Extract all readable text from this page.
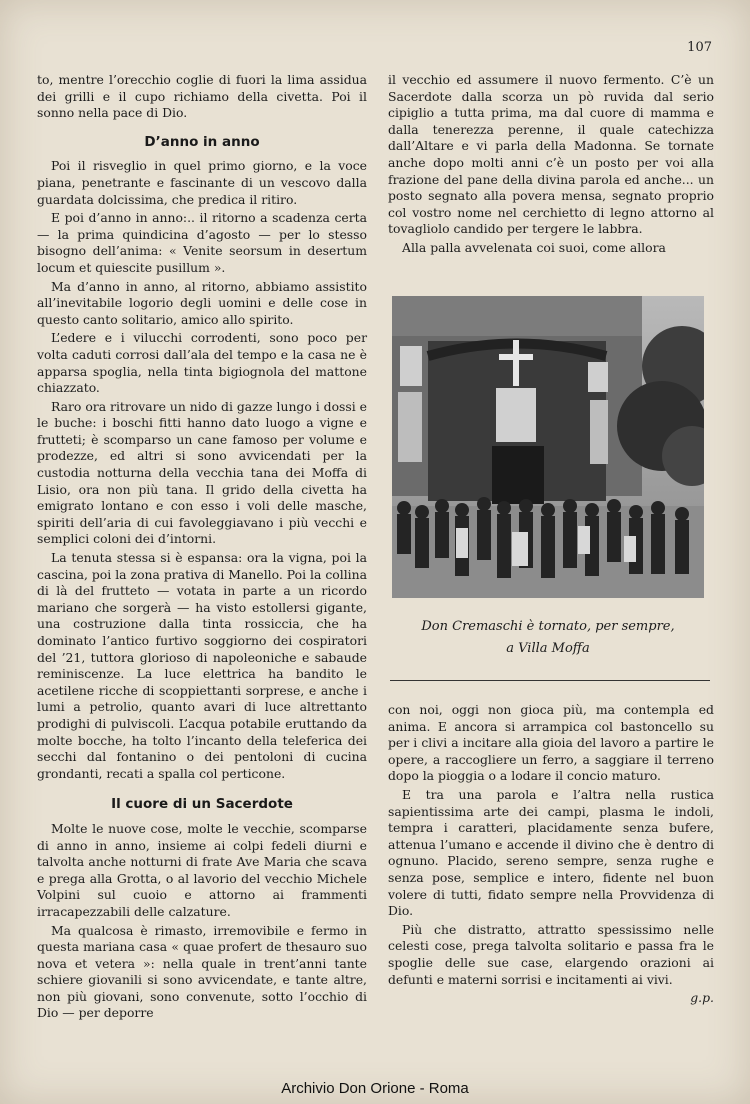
107

to, mentre l’orecchio coglie di fuori la lima assidua dei grilli e il cupo richiamo della civetta. Poi il sonno nella pace di Dio.

D’anno in anno

Poi il risveglio in quel primo giorno, e la voce piana, penetrante e fascinante di un vescovo dalla guardata dolcissima, che predica il ritiro.

E poi d’anno in anno:.. il ritorno a scadenza certa — la prima quindicina d’agosto — per lo stesso bisogno dell’anima: « Venite seorsum in desertum locum et quiescite pusillum ».

Ma d’anno in anno, al ritorno, abbiamo assistito all’inevitabile logorio degli uomini e delle cose in questo canto solitario, amico allo spirito.

L’edere e i vilucchi corrodenti, sono poco per volta caduti corrosi dall’ala del tempo e la casa ne è apparsa spoglia, nella tinta bigiognola del mattone chiazzato.

Raro ora ritrovare un nido di gazze lungo i dossi e le buche: i boschi fitti hanno dato luogo a vigne e frutteti; è scomparso un cane famoso per volume e prodezze, ed altri si sono avvicendati per la custodia notturna della vecchia tana dei Moffa di Lisio, ora non più tana. Il grido della civetta ha emigrato lontano e con esso i voli delle masche, spiriti dell’aria di cui favoleggiavano i più vecchi e semplici coloni dei d’intorni.

La tenuta stessa si è espansa: ora la vigna, poi la cascina, poi la zona prativa di Manello. Poi la collina di là del frutteto — votata in parte a un ricordo mariano che sorgerà — ha visto estollersi gigante, una costruzione dalla tinta rossiccia, che ha dominato l’antico furtivo soggiorno dei cospiratori del ’21, tuttora glorioso di napoleoniche e sabaude reminiscenze. La luce elettrica ha bandito le acetilene ricche di scoppiettanti sorprese, e anche i lumi a petrolio, quanto avari di luce altrettanto prodighi di pulviscoli. L’acqua potabile eruttando da molte bocche, ha tolto l’incanto della teleferica dei secchi dal fontanino o dei pentoloni di cucina grondanti, recati a spalla col perticone.

Il cuore di un Sacerdote

Molte le nuove cose, molte le vecchie, scomparse di anno in anno, insieme ai colpi fedeli diurni e talvolta anche notturni di frate Ave Maria che scava e prega alla Grotta, o al lavorio del vecchio Michele Volpini sul cuoio e attorno ai frammenti irracapezzabili delle calzature.

Ma qualcosa è rimasto, irremovibile e fermo in questa mariana casa « quae profert de thesauro suo nova et vetera »: nella quale in trent’anni tante schiere giovanili si sono avvicendate, e tante altre, non più giovani, sono convenute, sotto l’occhio di Dio — per deporre

il vecchio ed assumere il nuovo fermento. C’è un Sacerdote dalla scorza un pò ruvida dal serio cipiglio a tutta prima, ma dal cuore di mamma e dalla tenerezza perenne, il quale catechizza dall’Altare e vi parla della Madonna. Se tornate anche dopo molti anni c’è un posto per voi alla frazione del pane della divina parola ed anche... un posto segnato alla povera mensa, segnato proprio col vostro nome nel cerchietto di legno attorno al tovagliolo candido per tergere le labbra.

Alla palla avvelenata coi suoi, come allora

Don Cremaschi è tornato, per sempre,
a Villa Moffa

con noi, oggi non gioca più, ma contempla ed anima. E ancora si arrampica col bastoncello su per i clivi a incitare alla gioia del lavoro a partire le opere, a raccogliere un ferro, a saggiare il terreno dopo la pioggia o a lodare il concio maturo.

E tra una parola e l’altra nella rustica sapientissima arte dei campi, plasma le indoli, tempra i caratteri, placidamente senza bufere, attenua l’umano e accende il divino che è dentro di ognuno. Placido, sereno sempre, senza rughe e senza pose, semplice e intero, fidente nel buon volere di tutti, fidato sempre nella Provvidenza di Dio.

Più che distratto, attratto spessissimo nelle celesti cose, prega talvolta solitario e passa fra le spoglie delle sue case, elargendo orazioni ai defunti e materni sorrisi e incitamenti ai vivi.

g.p.

Archivio Don Orione - Roma
